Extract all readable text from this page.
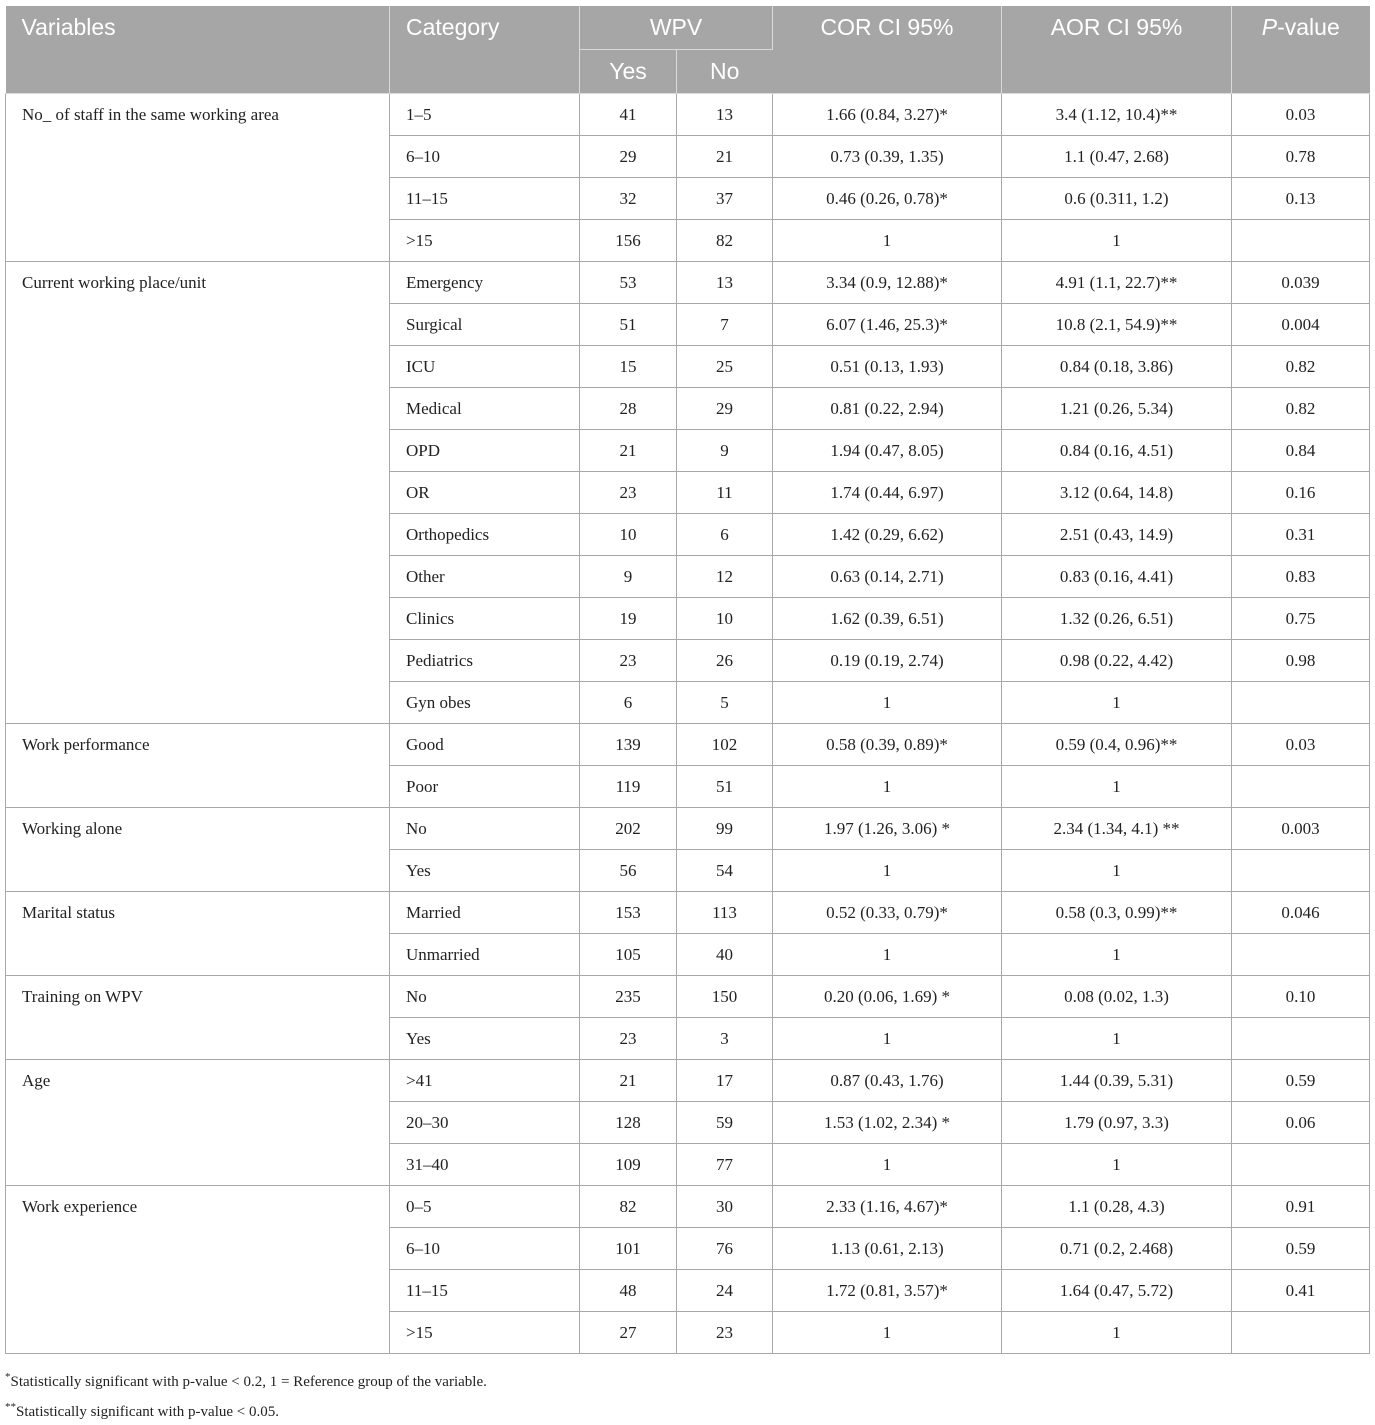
Variables	Category	WPV		COR CI 95%	AOR CI 95%	P-value
		Yes	No			
No_ of staff in the same working area	1–5	41	13	1.66 (0.84, 3.27)*	3.4 (1.12, 10.4)**	0.03
	6–10	29	21	0.73 (0.39, 1.35)	1.1 (0.47, 2.68)	0.78
	11–15	32	37	0.46 (0.26, 0.78)*	0.6 (0.311, 1.2)	0.13
	>15	156	82	1	1	
Current working place/unit	Emergency	53	13	3.34 (0.9, 12.88)*	4.91 (1.1, 22.7)**	0.039
	Surgical	51	7	6.07 (1.46, 25.3)*	10.8 (2.1, 54.9)**	0.004
	ICU	15	25	0.51 (0.13, 1.93)	0.84 (0.18, 3.86)	0.82
	Medical	28	29	0.81 (0.22, 2.94)	1.21 (0.26, 5.34)	0.82
	OPD	21	9	1.94 (0.47, 8.05)	0.84 (0.16, 4.51)	0.84
	OR	23	11	1.74 (0.44, 6.97)	3.12 (0.64, 14.8)	0.16
	Orthopedics	10	6	1.42 (0.29, 6.62)	2.51 (0.43, 14.9)	0.31
	Other	9	12	0.63 (0.14, 2.71)	0.83 (0.16, 4.41)	0.83
	Clinics	19	10	1.62 (0.39, 6.51)	1.32 (0.26, 6.51)	0.75
	Pediatrics	23	26	0.19 (0.19, 2.74)	0.98 (0.22, 4.42)	0.98
	Gyn obes	6	5	1	1	
Work performance	Good	139	102	0.58 (0.39, 0.89)*	0.59 (0.4, 0.96)**	0.03
	Poor	119	51	1	1	
Working alone	No	202	99	1.97 (1.26, 3.06) *	2.34 (1.34, 4.1) **	0.003
	Yes	56	54	1	1	
Marital status	Married	153	113	0.52 (0.33, 0.79)*	0.58 (0.3, 0.99)**	0.046
	Unmarried	105	40	1	1	
Training on WPV	No	235	150	0.20 (0.06, 1.69) *	0.08 (0.02, 1.3)	0.10
	Yes	23	3	1	1	
Age	>41	21	17	0.87 (0.43, 1.76)	1.44 (0.39, 5.31)	0.59
	20–30	128	59	1.53 (1.02, 2.34) *	1.79 (0.97, 3.3)	0.06
	31–40	109	77	1	1	
Work experience	0–5	82	30	2.33 (1.16, 4.67)*	1.1 (0.28, 4.3)	0.91
	6–10	101	76	1.13 (0.61, 2.13)	0.71 (0.2, 2.468)	0.59
	11–15	48	24	1.72 (0.81, 3.57)*	1.64 (0.47, 5.72)	0.41
	>15	27	23	1	1	
*Statistically significant with p-value < 0.2, 1 = Reference group of the variable.
**Statistically significant with p-value < 0.05.
